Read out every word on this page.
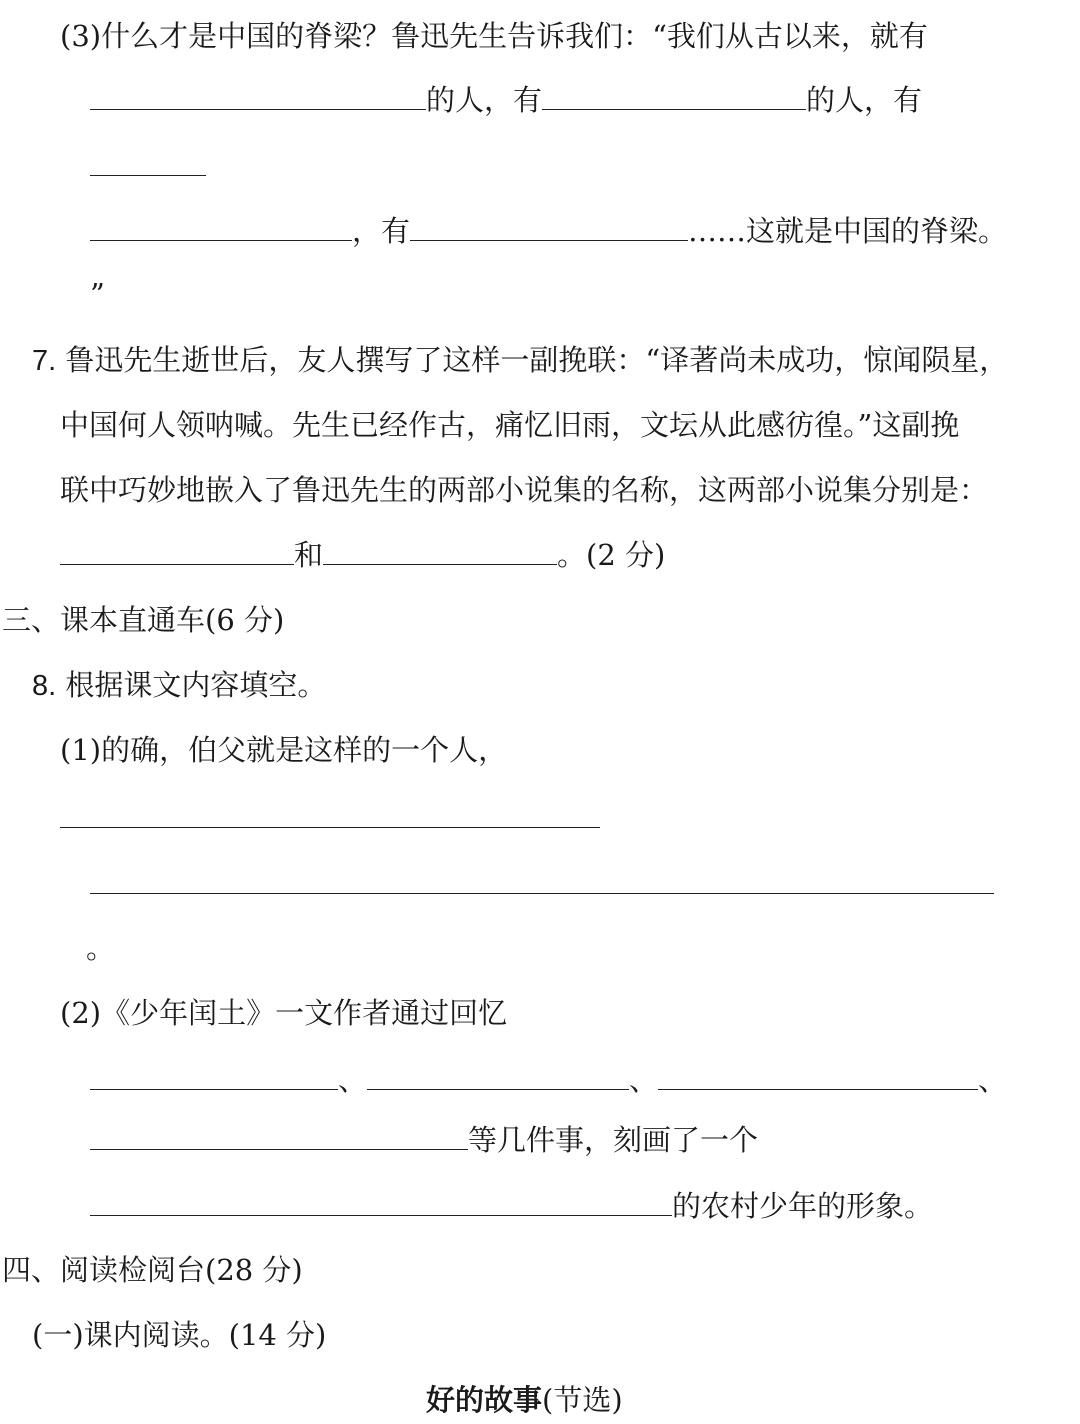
(3)什么才是中国的脊梁？鲁迅先生告诉我们：“我们从古以来，就有
的人，有	的人，有
，有	……这就是中国的脊梁。
”
7. 鲁迅先生逝世后，友人撰写了这样一副挽联：“译著尚未成功，惊闻陨星，
中国何人领呐喊。先生已经作古，痛忆旧雨，文坛从此感彷徨。”这副挽
联中巧妙地嵌入了鲁迅先生的两部小说集的名称，这两部小说集分别是：
和	。(2 分)
三、课本直通车(6 分)
8. 根据课文内容填空。
(1)的确，伯父就是这样的一个人，
。
(2)《少年闰土》一文作者通过回忆
、	、	、
等几件事，刻画了一个
的农村少年的形象。
四、阅读检阅台(28 分)
(一)课内阅读。(14 分)
好的故事(节选)
